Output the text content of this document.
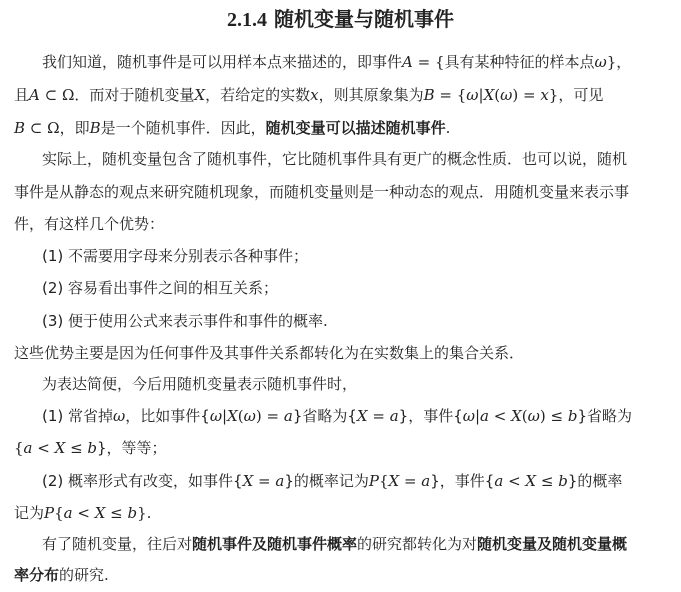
2.1.4 随机变量与随机事件
我们知道，随机事件是可以用样本点来描述的，即事件A = {具有某种特征的样本点ω}，
且A ⊂ Ω．而对于随机变量X，若给定的实数x，则其原象集为B = {ω|X(ω) = x}，可见
B ⊂ Ω，即B是一个随机事件．因此，随机变量可以描述随机事件.
实际上，随机变量包含了随机事件，它比随机事件具有更广的概念性质．也可以说，随机
事件是从静态的观点来研究随机现象，而随机变量则是一种动态的观点．用随机变量来表示事
件，有这样几个优势：
(1) 不需要用字母来分别表示各种事件；
(2) 容易看出事件之间的相互关系；
(3) 便于使用公式来表示事件和事件的概率.
这些优势主要是因为任何事件及其事件关系都转化为在实数集上的集合关系．
为表达简便，今后用随机变量表示随机事件时，
(1) 常省掉ω，比如事件{ω|X(ω) = a}省略为{X = a}，事件{ω|a < X(ω) ≤ b}省略为
{a < X ≤ b}，等等；
(2) 概率形式有改变，如事件{X = a}的概率记为P{X = a}，事件{a < X ≤ b}的概率
记为P{a < X ≤ b}.
有了随机变量，往后对随机事件及随机事件概率的研究都转化为对随机变量及随机变量概
率分布的研究.
